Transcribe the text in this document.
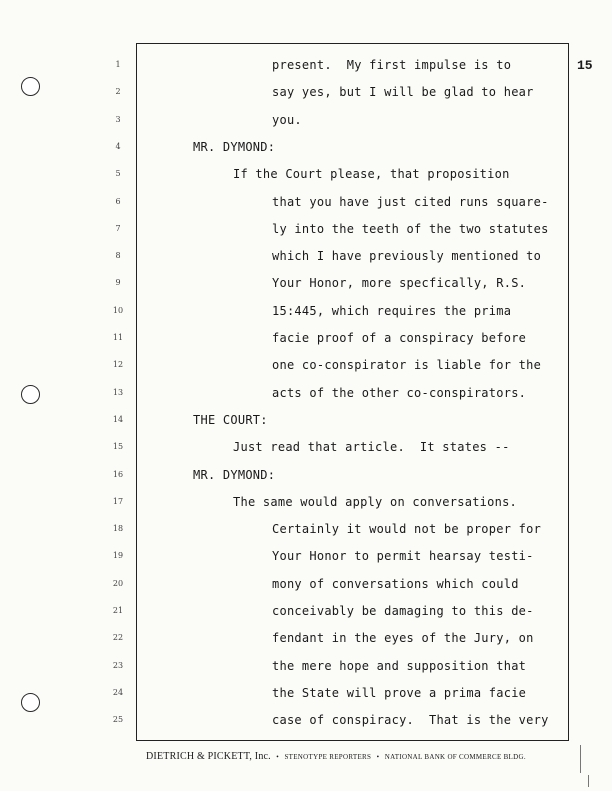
15
1
2
3
4
5
6
7
8
9
10
11
12
13
14
15
16
17
18
19
20
21
22
23
24
25
present.  My first impulse is to
say yes, but I will be glad to hear
you.
MR. DYMOND:
If the Court please, that proposition
that you have just cited runs square-
ly into the teeth of the two statutes
which I have previously mentioned to
Your Honor, more specfically, R.S.
15:445, which requires the prima
facie proof of a conspiracy before
one co-conspirator is liable for the
acts of the other co-conspirators.
THE COURT:
Just read that article.  It states --
MR. DYMOND:
The same would apply on conversations.
Certainly it would not be proper for
Your Honor to permit hearsay testi-
mony of conversations which could
conceivably be damaging to this de-
fendant in the eyes of the Jury, on
the mere hope and supposition that
the State will prove a prima facie
case of conspiracy.  That is the very
DIETRICH & PICKETT, Inc. • STENOTYPE REPORTERS • NATIONAL BANK OF COMMERCE BLDG.
